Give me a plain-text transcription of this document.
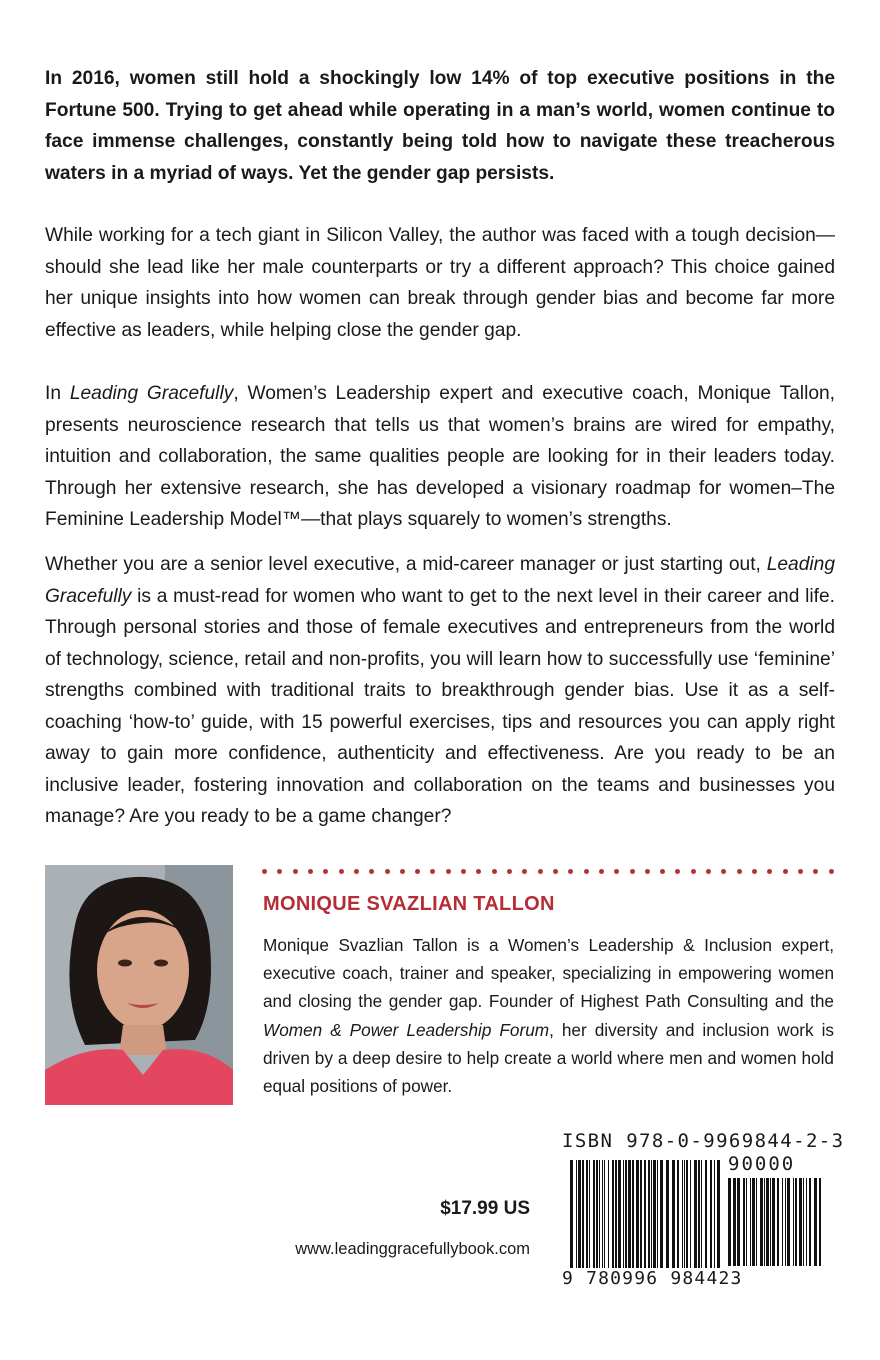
In 2016, women still hold a shockingly low 14% of top executive positions in the Fortune 500. Trying to get ahead while operating in a man’s world, women continue to face immense challenges, constantly being told how to navigate these treacherous waters in a myriad of ways. Yet the gender gap persists.

While working for a tech giant in Silicon Valley, the author was faced with a tough decision—should she lead like her male counterparts or try a different approach? This choice gained her unique insights into how women can break through gender bias and become far more effective as leaders, while helping close the gender gap.

In Leading Gracefully, Women’s Leadership expert and executive coach, Monique Tallon, presents neuroscience research that tells us that women’s brains are wired for empathy, intuition and collaboration, the same qualities people are looking for in their leaders today. Through her extensive research, she has developed a visionary roadmap for women–The Feminine Leadership Model™—that plays squarely to women’s strengths.

Whether you are a senior level executive, a mid-career manager or just starting out, Leading Gracefully is a must-read for women who want to get to the next level in their career and life. Through personal stories and those of female executives and entrepreneurs from the world of technology, science, retail and non-profits, you will learn how to successfully use ‘feminine’ strengths combined with traditional traits to breakthrough gender bias. Use it as a self-coaching ‘how-to’ guide, with 15 powerful exercises, tips and resources you can apply right away to gain more confidence, authenticity and effectiveness. Are you ready to be an inclusive leader, fostering innovation and collaboration on the teams and businesses you manage? Are you ready to be a game changer?

MONIQUE SVAZLIAN TALLON

Monique Svazlian Tallon is a Women’s Leadership & Inclusion expert, executive coach, trainer and speaker, specializing in empowering women and closing the gender gap. Founder of Highest Path Consulting and the Women & Power Leadership Forum, her diversity and inclusion work is driven by a deep desire to help create a world where men and women hold equal positions of power.

$17.99 US
www.leadinggracefullybook.com
ISBN 978-0-9969844-2-3
90000
9 780996 984423
